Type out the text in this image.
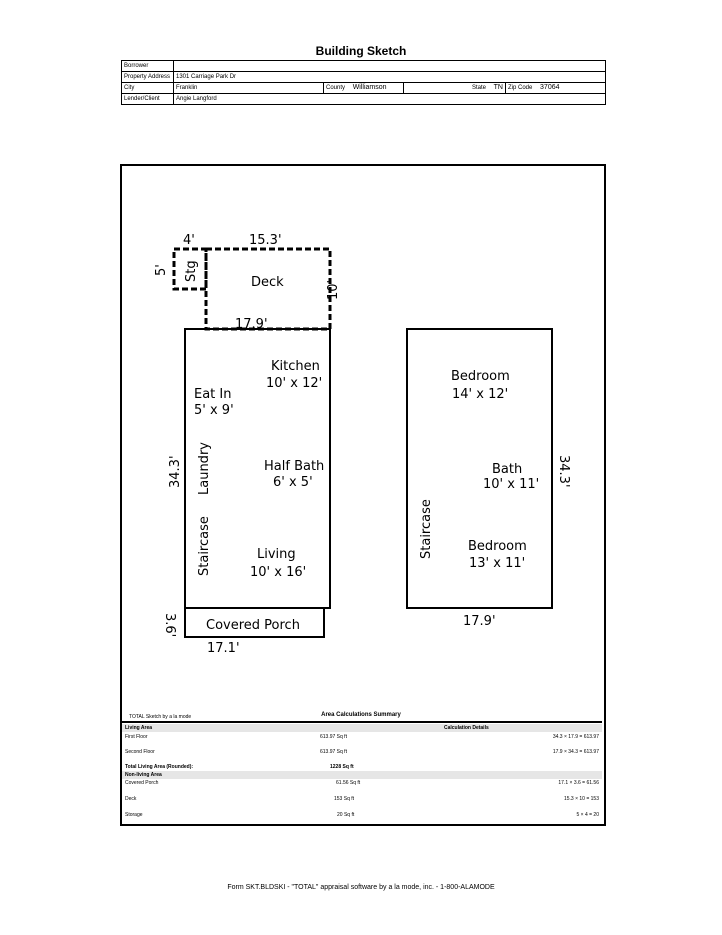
Building Sketch
Borrower				
Property Address	1301 Carriage Park Dr			
City	Franklin	County Williamson	State TN	Zip Code 37064
Lender/Client	Angie Langford			
4'	15.3'
5'
10'
17.9'
34.3'
3.6'
17.1'
17.9'
34.3'
Stg
Deck
Kitchen
10' x 12'
Eat In
5' x 9'
Laundry	Half Bath
6' x 5'
Staircase	Living
10' x 16'
Covered Porch
Bedroom
14' x 12'
Bath
10' x 11'
Staircase	Bedroom
13' x 11'
TOTAL Sketch by a la mode	Area Calculations Summary
Living Area	Calculation Details
First Floor	613.97 Sq ft	34.3 × 17.9 = 613.97
Second Floor	613.97 Sq ft	17.9 × 34.3 = 613.97
Total Living Area (Rounded):	1228 Sq ft
Non-living Area
Covered Porch	61.56 Sq ft	17.1 × 3.6 = 61.56
Deck	153 Sq ft	15.3 × 10 = 153
Storage	20 Sq ft	5 × 4 = 20
Form SKT.BLDSKI - "TOTAL" appraisal software by a la mode, inc. - 1-800-ALAMODE
